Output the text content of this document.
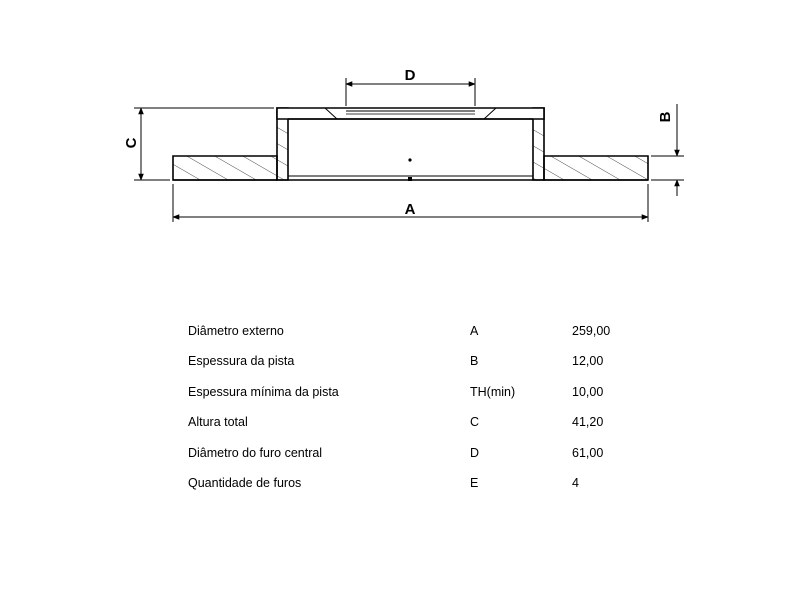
D
C
B
A
Diâmetro externo	A	259,00
Espessura da pista	B	12,00
Espessura mínima da pista	TH(min)	10,00
Altura total	C	41,20
Diâmetro do furo central	D	61,00
Quantidade de furos	E	4
